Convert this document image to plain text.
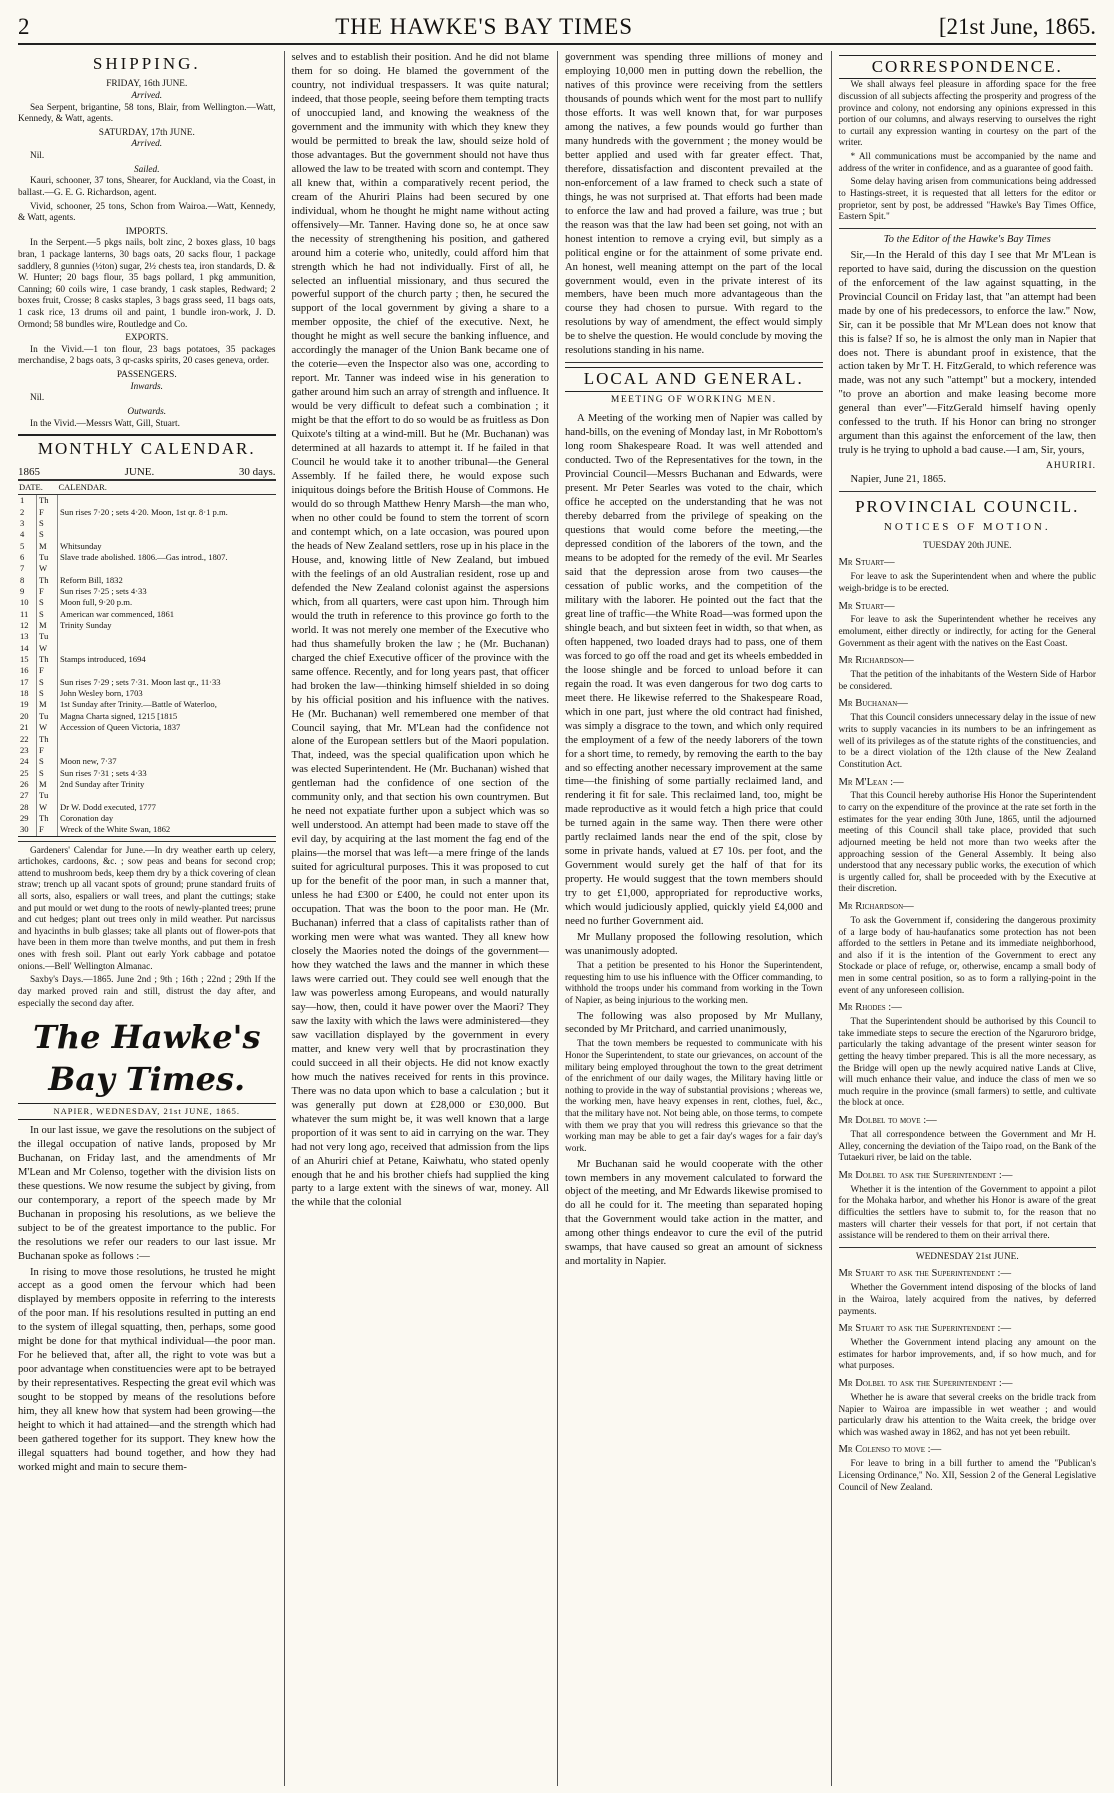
2	THE HAWKE'S BAY TIMES	[21st June, 1865.
SHIPPING.
FRIDAY, 16th JUNE.
Arrived.

Sea Serpent, brigantine, 58 tons, Blair, from Wellington.—Watt, Kennedy, & Watt, agents.

SATURDAY, 17th JUNE.
Arrived.

Nil.

Sailed.

Kauri, schooner, 37 tons, Shearer, for Auckland, via the Coast, in ballast.—G. E. G. Richardson, agent.

Vivid, schooner, 25 tons, Schon from Wairoa.—Watt, Kennedy, & Watt, agents.

IMPORTS.

In the Serpent.—5 pkgs nails, bolt zinc, 2 boxes glass, 10 bags bran, 1 package lanterns, 30 bags oats, 20 sacks flour, 1 package saddlery, 8 gunnies (½ton) sugar, 2½ chests tea, iron standards, D. & W. Hunter; 20 bags flour, 35 bags pollard, 1 pkg ammunition, Canning; 60 coils wire, 1 case brandy, 1 cask staples, Redward; 2 boxes fruit, Crosse; 8 casks staples, 3 bags grass seed, 11 bags oats, 1 cask rice, 13 drums oil and paint, 1 bundle iron-work, J. D. Ormond; 58 bundles wire, Routledge and Co.

EXPORTS.

In the Vivid.—1 ton flour, 23 bags potatoes, 35 packages merchandise, 2 bags oats, 3 qr-casks spirits, 20 cases geneva, order.

PASSENGERS.
Inwards.

Nil.

Outwards.

In the Vivid.—Messrs Watt, Gill, Stuart.

MONTHLY CALENDAR.
1865	JUNE.	30 days.
DATE.		CALENDAR.
1	Th	
2	F	Sun rises 7·20 ; sets 4·20. Moon, 1st qr. 8·1 p.m.
3	S	
4	S	
5	M	Whitsunday
6	Tu	Slave trade abolished. 1806.—Gas introd., 1807.
7	W	
8	Th	Reform Bill, 1832
9	F	Sun rises 7·25 ; sets 4·33
10	S	Moon full, 9·20 p.m.
11	S	American war commenced, 1861
12	M	Trinity Sunday
13	Tu	
14	W	
15	Th	Stamps introduced, 1694
16	F	
17	S	Sun rises 7·29 ; sets 7·31. Moon last qr., 11·33
18	S	John Wesley born, 1703
19	M	1st Sunday after Trinity.—Battle of Waterloo,
20	Tu	Magna Charta signed, 1215 [1815
21	W	Accession of Queen Victoria, 1837
22	Th	
23	F	
24	S	Moon new, 7·37
25	S	Sun rises 7·31 ; sets 4·33
26	M	2nd Sunday after Trinity
27	Tu	
28	W	Dr W. Dodd executed, 1777
29	Th	Coronation day
30	F	Wreck of the White Swan, 1862

Gardeners' Calendar for June.—In dry weather earth up celery, artichokes, cardoons, &c. ; sow peas and beans for second crop; attend to mushroom beds, keep them dry by a thick covering of clean straw; trench up all vacant spots of ground; prune standard fruits of all sorts, also, espaliers or wall trees, and plant the cuttings; stake and put mould or wet dung to the roots of newly-planted trees; prune and cut hedges; plant out trees only in mild weather. Put narcissus and hyacinths in bulb glasses; take all plants out of flower-pots that have been in them more than twelve months, and put them in fresh ones with fresh soil. Plant out early York cabbage and potatoe onions.—Bell' Wellington Almanac.

Saxby's Days.—1865. June 2nd ; 9th ; 16th ; 22nd ; 29th If the day marked proved rain and still, distrust the day after, and especially the second day after.

The Hawke's Bay Times.
NAPIER, WEDNESDAY, 21st JUNE, 1865.

In our last issue, we gave the resolutions on the subject of the illegal occupation of native lands, proposed by Mr Buchanan, on Friday last, and the amendments of Mr M'Lean and Mr Colenso, together with the division lists on these questions. We now resume the subject by giving, from our contemporary, a report of the speech made by Mr Buchanan in proposing his resolutions, as we believe the subject to be of the greatest importance to the public. For the resolutions we refer our readers to our last issue. Mr Buchanan spoke as follows :—

In rising to move those resolutions, he trusted he might accept as a good omen the fervour which had been displayed by members opposite in referring to the interests of the poor man. If his resolutions resulted in putting an end to the system of illegal squatting, then, perhaps, some good might be done for that mythical individual—the poor man. For he believed that, after all, the right to vote was but a poor advantage when constituencies were apt to be betrayed by their representatives. Respecting the great evil which was sought to be stopped by means of the resolutions before him, they all knew how that system had been growing—the height to which it had attained—and the strength which had been gathered together for its support. They knew how the illegal squatters had bound together, and how they had worked might and main to secure them-

selves and to establish their position. And he did not blame them for so doing. He blamed the government of the country, not individual trespassers. It was quite natural; indeed, that those people, seeing before them tempting tracts of unoccupied land, and knowing the weakness of the government and the immunity with which they knew they would be permitted to break the law, should seize hold of those advantages. But the government should not have thus allowed the law to be treated with scorn and contempt. They all knew that, within a comparatively recent period, the cream of the Ahuriri Plains had been secured by one individual, whom he thought he might name without acting offensively—Mr. Tanner. Having done so, he at once saw the necessity of strengthening his position, and gathered around him a coterie who, unitedly, could afford him that strength which he had not individually. First of all, he selected an influential missionary, and thus secured the powerful support of the church party ; then, he secured the support of the local government by giving a share to a member opposite, the chief of the executive. Next, he thought he might as well secure the banking influence, and accordingly the manager of the Union Bank became one of the coterie—even the Inspector also was one, according to report. Mr. Tanner was indeed wise in his generation to gather around him such an array of strength and influence. It would be very difficult to defeat such a combination ; it might be that the effort to do so would be as fruitless as Don Quixote's tilting at a wind-mill. But he (Mr. Buchanan) was determined at all hazards to attempt it. If he failed in that Council he would take it to another tribunal—the General Assembly. If he failed there, he would expose such iniquitous doings before the British House of Commons. He would do so through Matthew Henry Marsh—the man who, when no other could be found to stem the torrent of scorn and contempt which, on a late occasion, was poured upon the heads of New Zealand settlers, rose up in his place in the House, and, knowing little of New Zealand, but imbued with the feelings of an old Australian resident, rose up and defended the New Zealand colonist against the aspersions which, from all quarters, were cast upon him. Through him would the truth in reference to this province go forth to the world. It was not merely one member of the Executive who had thus shamefully broken the law ; he (Mr. Buchanan) charged the chief Executive officer of the province with the same offence. Recently, and for long years past, that officer had broken the law—thinking himself shielded in so doing by his official position and his influence with the natives. He (Mr. Buchanan) well remembered one member of that Council saying, that Mr. M'Lean had the confidence not alone of the European settlers but of the Maori population. That, indeed, was the special qualification upon which he was elected Superintendent. He (Mr. Buchanan) wished that gentleman had the confidence of one section of the community only, and that section his own countrymen. But he need not expatiate further upon a subject which was so well understood. An attempt had been made to stave off the evil day, by acquiring at the last moment the fag end of the plains—the morsel that was left—a mere fringe of the lands suited for agricultural purposes. This it was proposed to cut up for the benefit of the poor man, in such a manner that, unless he had £300 or £400, he could not enter upon its occupation. That was the boon to the poor man. He (Mr. Buchanan) inferred that a class of capitalists rather than of working men were what was wanted. They all knew how closely the Maories noted the doings of the government—how they watched the laws and the manner in which these laws were carried out. They could see well enough that the law was powerless among Europeans, and would naturally say—how, then, could it have power over the Maori? They saw the laxity with which the laws were administered—they saw vacillation displayed by the government in every matter, and knew very well that by procrastination they could succeed in all their objects. He did not know exactly how much the natives received for rents in this province. There was no data upon which to base a calculation ; but it was generally put down at £28,000 or £30,000. But whatever the sum might be, it was well known that a large proportion of it was sent to aid in carrying on the war. They had not very long ago, received that admission from the lips of an Ahuriri chief at Petane, Kaiwhatu, who stated openly enough that he and his brother chiefs had supplied the king party to a large extent with the sinews of war, money. All the while that the colonial

government was spending three millions of money and employing 10,000 men in putting down the rebellion, the natives of this province were receiving from the settlers thousands of pounds which went for the most part to nullify those efforts. It was well known that, for war purposes among the natives, a few pounds would go further than many hundreds with the government ; the money would be better applied and used with far greater effect. That, therefore, dissatisfaction and discontent prevailed at the non-enforcement of a law framed to check such a state of things, he was not surprised at. That efforts had been made to enforce the law and had proved a failure, was true ; but the reason was that the law had been set going, not with an honest intention to remove a crying evil, but simply as a political engine or for the attainment of some private end. An honest, well meaning attempt on the part of the local government would, even in the private interest of its members, have been much more advantageous than the course they had chosen to pursue. With regard to the resolutions by way of amendment, the effect would simply be to shelve the question. He would conclude by moving the resolutions standing in his name.

LOCAL AND GENERAL.
MEETING OF WORKING MEN.

A Meeting of the working men of Napier was called by hand-bills, on the evening of Monday last, in Mr Robottom's long room Shakespeare Road. It was well attended and conducted. Two of the Representatives for the town, in the Provincial Council—Messrs Buchanan and Edwards, were present. Mr Peter Searles was voted to the chair, which office he accepted on the understanding that he was not thereby debarred from the privilege of speaking on the questions that would come before the meeting,—the depressed condition of the laborers of the town, and the means to be adopted for the remedy of the evil. Mr Searles said that the depression arose from two causes—the cessation of public works, and the competition of the military with the laborer. He pointed out the fact that the great line of traffic—the White Road—was formed upon the shingle beach, and but sixteen feet in width, so that when, as often happened, two loaded drays had to pass, one of them was forced to go off the road and get its wheels embedded in the loose shingle and be forced to unload before it can regain the road. It was even dangerous for two dog carts to meet there. He likewise referred to the Shakespeare Road, which in one part, just where the old contract had finished, was simply a disgrace to the town, and which only required the employment of a few of the needy laborers of the town for a short time, to remedy, by removing the earth to the bay and so effecting another necessary improvement at the same time—the finishing of some partially reclaimed land, and rendering it fit for sale. This reclaimed land, too, might be made reproductive as it would fetch a high price that could be turned again in the same way. Then there were other partly reclaimed lands near the end of the spit, close by some in private hands, valued at £7 10s. per foot, and the Government would surely get the half of that for its property. He would suggest that the town members should try to get £1,000, appropriated for reproductive works, which would judiciously applied, quickly yield £4,000 and need no further Government aid.

Mr Mullany proposed the following resolution, which was unanimously adopted.

That a petition be presented to his Honor the Superintendent, requesting him to use his influence with the Officer commanding, to withhold the troops under his command from working in the Town of Napier, as being injurious to the working men.

The following was also proposed by Mr Mullany, seconded by Mr Pritchard, and carried unanimously,

That the town members be requested to communicate with his Honor the Superintendent, to state our grievances, on account of the military being employed throughout the town to the great detriment of the enrichment of our daily wages, the Military having little or nothing to provide in the way of substantial provisions ; whereas we, the working men, have heavy expenses in rent, clothes, fuel, &c., that the military have not. Not being able, on those terms, to compete with them we pray that you will redress this grievance so that the working man may be able to get a fair day's wages for a fair day's work.

Mr Buchanan said he would cooperate with the other town members in any movement calculated to forward the object of the meeting, and Mr Edwards likewise promised to do all he could for it. The meeting than separated hoping that the Government would take action in the matter, and among other things endeavor to cure the evil of the putrid swamps, that have caused so great an amount of sickness and mortality in Napier.

CORRESPONDENCE.

We shall always feel pleasure in affording space for the free discussion of all subjects affecting the prosperity and progress of the province and colony, not endorsing any opinions expressed in this portion of our columns, and always reserving to ourselves the right to curtail any expression wanting in courtesy on the part of the writer.

* All communications must be accompanied by the name and address of the writer in confidence, and as a guarantee of good faith.

Some delay having arisen from communications being addressed to Hastings-street, it is requested that all letters for the editor or proprietor, sent by post, be addressed "Hawke's Bay Times Office, Eastern Spit."

To the Editor of the Hawke's Bay Times

Sir,—In the Herald of this day I see that Mr M'Lean is reported to have said, during the discussion on the question of the enforcement of the law against squatting, in the Provincial Council on Friday last, that "an attempt had been made by one of his predecessors, to enforce the law." Now, Sir, can it be possible that Mr M'Lean does not know that this is false? If so, he is almost the only man in Napier that does not. There is abundant proof in existence, that the action taken by Mr T. H. FitzGerald, to which reference was made, was not any such "attempt" but a mockery, intended "to prove an abortion and make leasing become more general than ever"—FitzGerald himself having openly confessed to the truth. If his Honor can bring no stronger argument than this against the enforcement of the law, then truly is he trying to uphold a bad cause.—I am, Sir, yours,

AHURIRI.

Napier, June 21, 1865.

PROVINCIAL COUNCIL.
NOTICES OF MOTION.
TUESDAY 20th JUNE.

Mr Stuart—

For leave to ask the Superintendent when and where the public weigh-bridge is to be erected.

Mr Stuart—

For leave to ask the Superintendent whether he receives any emolument, either directly or indirectly, for acting for the General Government as their agent with the natives on the East Coast.

Mr Richardson—

That the petition of the inhabitants of the Western Side of Harbor be considered.

Mr Buchanan—

That this Council considers unnecessary delay in the issue of new writs to supply vacancies in its numbers to be an infringement as well of its privileges as of the statute rights of the constituencies, and to be a direct violation of the 12th clause of the New Zealand Constitution Act.

Mr M'Lean :—

That this Council hereby authorise His Honor the Superintendent to carry on the expenditure of the province at the rate set forth in the estimates for the year ending 30th June, 1865, until the adjourned meeting of this Council shall take place, provided that such adjourned meeting be held not more than two weeks after the approaching session of the General Assembly. It being also understood that any necessary public works, the execution of which is urgently called for, shall be proceeded with by the Executive at their discretion.

Mr Richardson—

To ask the Government if, considering the dangerous proximity of a large body of hau-haufanatics some protection has not been afforded to the settlers in Petane and its immediate neighborhood, and also if it is the intention of the Government to erect any Stockade or place of refuge, or, otherwise, encamp a small body of men in some central position, so as to form a rallying-point in the event of any unforeseen collision.

Mr Rhodes :—

That the Superintendent should be authorised by this Council to take immediate steps to secure the erection of the Ngaruroro bridge, particularly the taking advantage of the present winter season for getting the heavy timber prepared. This is all the more necessary, as the Bridge will open up the newly acquired native Lands at Clive, will much enhance their value, and induce the class of men we so much require in the province (small farmers) to settle, and cultivate the block at once.

Mr Dolbel to move :—

That all correspondence between the Government and Mr H. Alley, concerning the deviation of the Taipo road, on the Bank of the Tutaekuri river, be laid on the table.

Mr Dolbel to ask the Superintendent :—

Whether it is the intention of the Government to appoint a pilot for the Mohaka harbor, and whether his Honor is aware of the great difficulties the settlers have to submit to, for the reason that no masters will charter their vessels for that port, if not certain that assistance will be rendered to them on their arrival there.

WEDNESDAY 21st JUNE.

Mr Stuart to ask the Superintendent :—

Whether the Government intend disposing of the blocks of land in the Wairoa, lately acquired from the natives, by deferred payments.

Mr Stuart to ask the Superintendent :—

Whether the Government intend placing any amount on the estimates for harbor improvements, and, if so how much, and for what purposes.

Mr Dolbel to ask the Superintendent :—

Whether he is aware that several creeks on the bridle track from Napier to Wairoa are impassible in wet weather ; and would particularly draw his attention to the Waita creek, the bridge over which was washed away in 1862, and has not yet been rebuilt.

Mr Colenso to move :—

For leave to bring in a bill further to amend the "Publican's Licensing Ordinance," No. XII, Session 2 of the General Legislative Council of New Zealand.
